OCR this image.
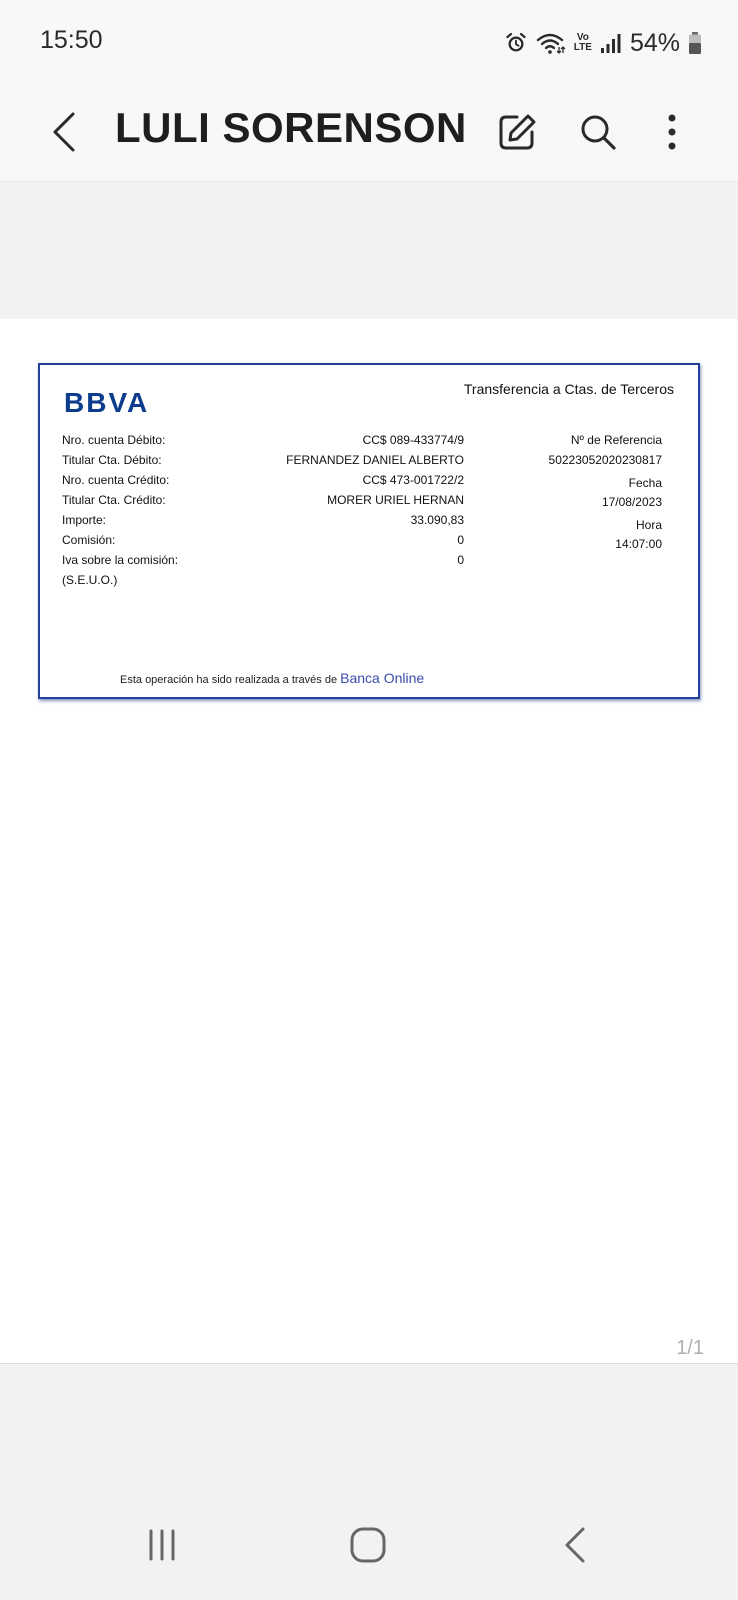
15:50	Vo
LTE 54%
LULI SORENSON
BBVA	Transferencia a Ctas. de Terceros
Nro. cuenta Débito:	CC$ 089-433774/9
Titular Cta. Débito:	FERNANDEZ DANIEL ALBERTO
Nro. cuenta Crédito:	CC$ 473-001722/2
Titular Cta. Crédito:	MORER URIEL HERNAN
Importe:	33.090,83
Comisión:	0
Iva sobre la comisión:	0
(S.E.U.O.)
Nº de Referencia
50223052020230817
Fecha
17/08/2023
Hora
14:07:00
Esta operación ha sido realizada a través de Banca Online
1/1
